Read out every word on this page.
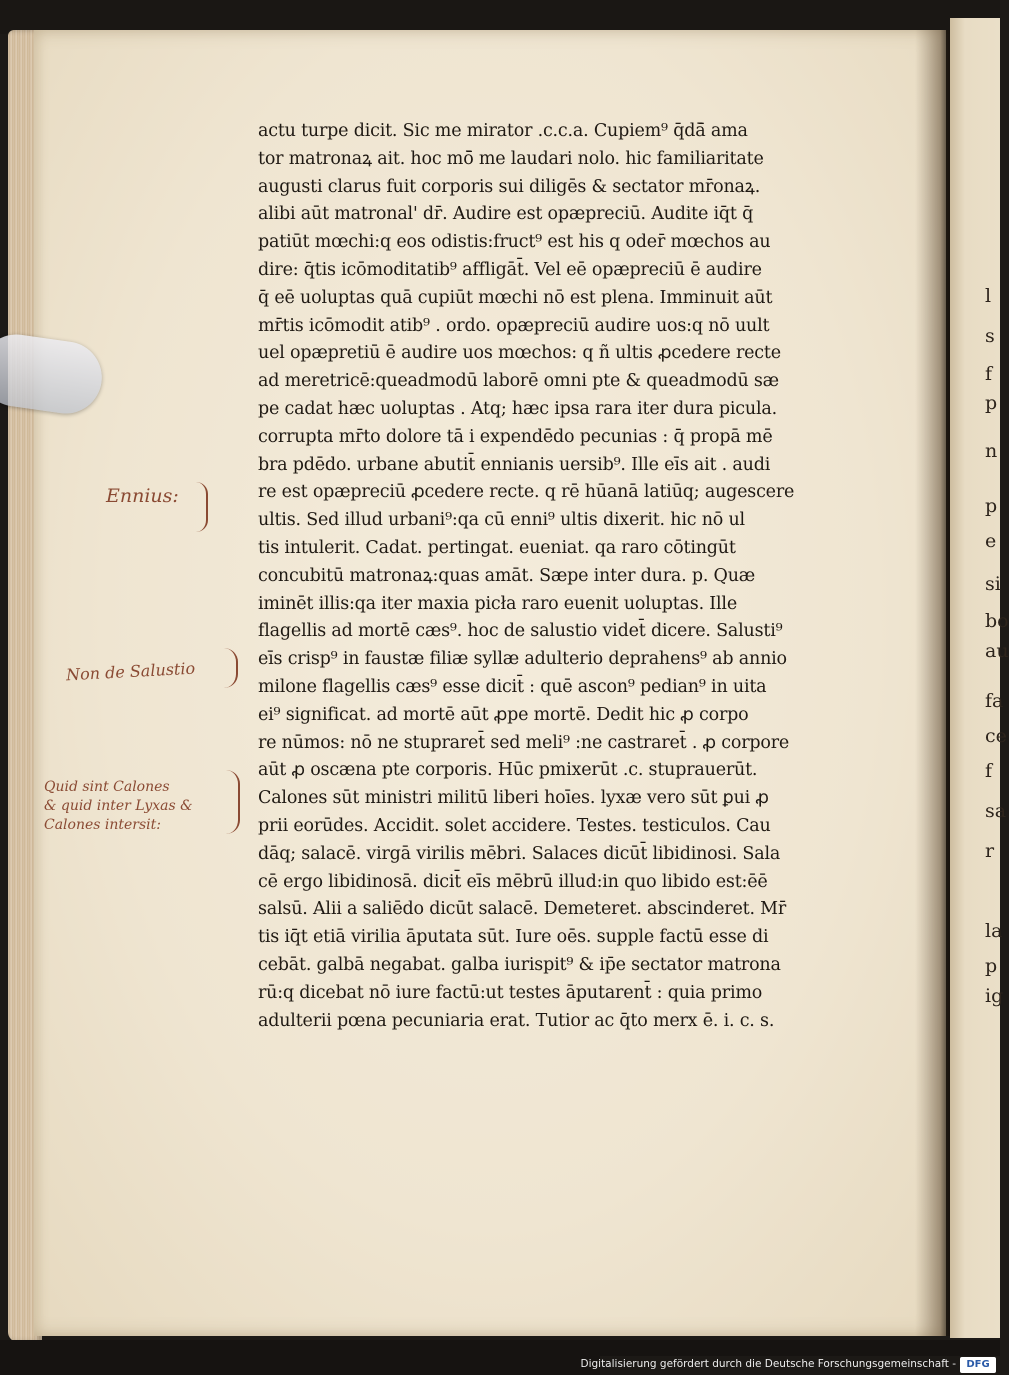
l
s
f
p
n
p
e
si
bo
au
fa
ce
f
sa
r
la
p
ig
actu turpe dicit. Sic me mirator .c.c.a. Cupiem⁹ q̄dā̄ ama
tor matronaꝝ ait. hoc mō̄ me laudari nolo. hic familiaritate
augusti clarus fuit corporis sui diligēs & sectator mr̄onaꝝ.
alibi aūt matronal' dr̄. Audire est opæpreciū. Audite iq̄t q̄
patiūt mœchi:q eos odistis:fruct⁹ est his q oder̄ mœchos au
dire: q̄tis icōmoditatib⁹ affligāt̄. Vel eē opæpreciū ē audire
q̄ eē uoluptas quā cupiūt mœchi nō est plena. Imminuit aūt
mr̄tis icōmodit atib⁹ . ordo. opæpreciū audire uos:q nō uult
uel opæpretiū ē audire uos mœchos: q ñ ultis ꝓcedere recte
ad meretricē:queadmodū laborē omni pte & queadmodū sæ
pe cadat hæc uoluptas . Atq; hæc ipsa rara iter dura picula.
corrupta mr̄to dolore tā i expendēdo pecunias : q̄ propā mē
bra pdēdo. urbane abutit̄ ennianis uersib⁹. Ille eīs ait . audi
re est opæpreciū ꝓcedere recte. q rē hūanā latiūq; augescere
ultis. Sed illud urbani⁹:qa cū enni⁹ ultis dixerit. hic nō ul
tis intulerit. Cadat. pertingat. eueniat. qa raro cōtingūt
concubitū matronaꝝ:quas amāt. Sæpe inter dura. p. Quæ
iminēt illis:qa iter maxia picła raro euenit uoluptas. Ille
flagellis ad mortē cæs⁹. hoc de salustio videt̄ dicere. Salusti⁹
eīs crisp⁹ in faustæ filiæ syllæ adulterio deprahens⁹ ab annio
milone flagellis cæs⁹ esse dicit̄ : quē ascon⁹ pedian⁹ in uita
ei⁹ significat. ad mortē aūt ꝓpe mortē. Dedit hic ꝓ corpo
re nūmos: nō ne stupraret̄ sed meli⁹ :ne castraret̄ . ꝓ corpore
aūt ꝓ oscæna pte corporis. Hūc pmixerūt .c. stuprauerūt.
Calones sūt ministri militū liberi hoīes. lyxæ vero sūt ꝑui ꝓ
prii eorūdes. Accidit. solet accidere. Testes. testiculos. Cau
dāq; salacē. virgā virilis mēbri. Salaces dicūt̄ libidinosi. Sala
cē ergo libidinosā. dicit̄ eīs mēbrū illud:in quo libido est:ēē
salsū. Alii a saliēdo dicūt salacē. Demeteret. abscinderet. Mr̄
tis iq̄t etiā virilia āputata sūt. Iure oēs. supple factū esse di
cebāt. galbā negabat. galba iurispit⁹ & ip̄e sectator matrona
rū:q dicebat nō iure factū:ut testes āputarent̄ : quia primo
adulterii pœna pecuniaria erat. Tutior ac q̄to merx ē. i. c. s.
Ennius:
Non de Salustio
Quid sint Calones
& quid inter Lyxas &
Calones intersit:
Digitalisierung gefördert durch die Deutsche Forschungsgemeinschaft -	DFG
